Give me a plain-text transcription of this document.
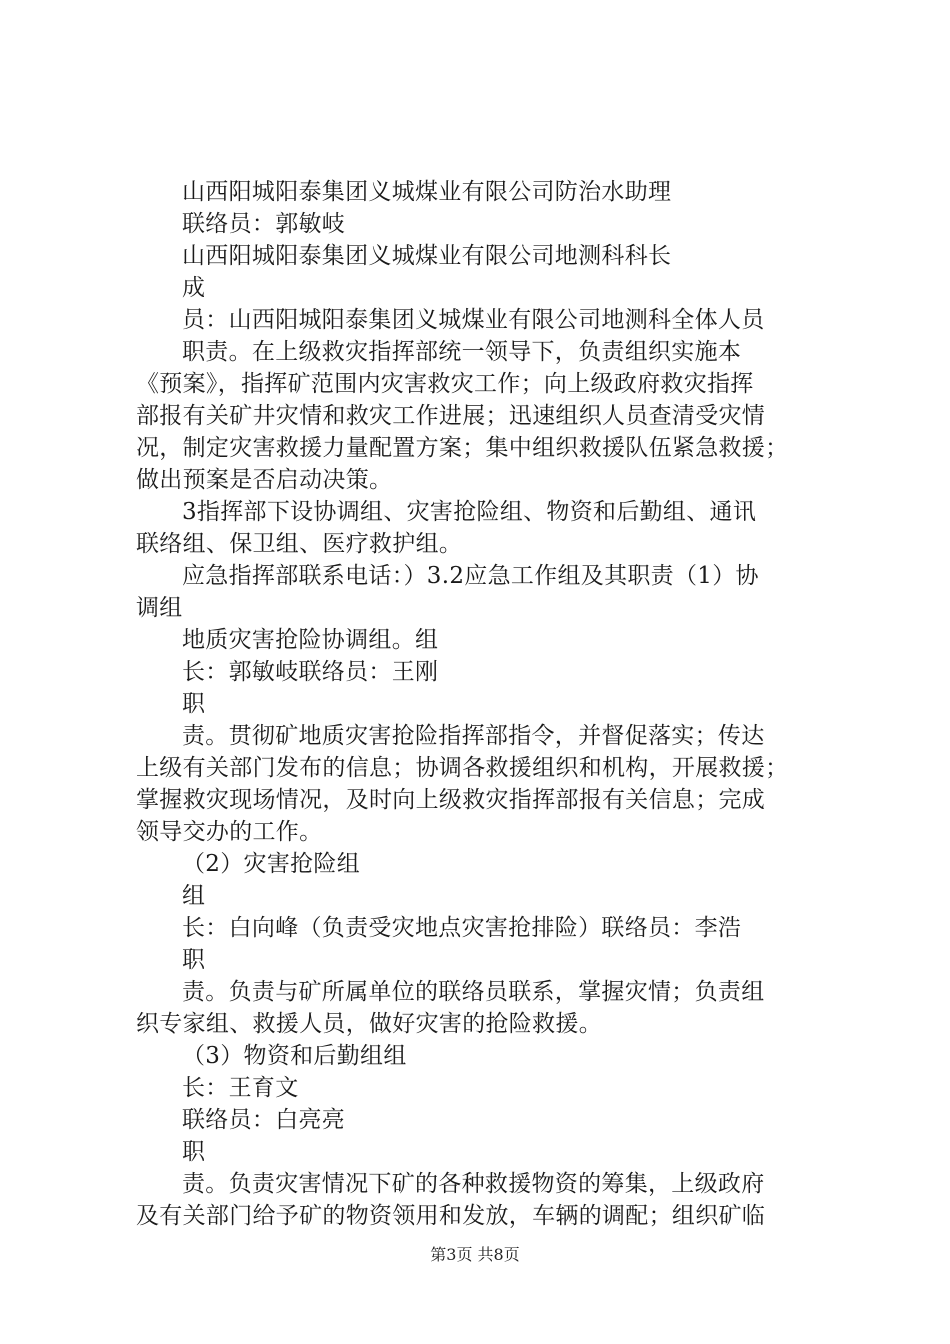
山西阳城阳泰集团义城煤业有限公司防治水助理
联络员：郭敏岐
山西阳城阳泰集团义城煤业有限公司地测科科长
成
员：山西阳城阳泰集团义城煤业有限公司地测科全体人员
职责。在上级救灾指挥部统一领导下，负责组织实施本
《预案》，指挥矿范围内灾害救灾工作；向上级政府救灾指挥
部报有关矿井灾情和救灾工作进展；迅速组织人员查清受灾情
况，制定灾害救援力量配置方案；集中组织救援队伍紧急救援；
做出预案是否启动决策。
3指挥部下设协调组、灾害抢险组、物资和后勤组、通讯
联络组、保卫组、医疗救护组。
应急指挥部联系电话：）3.2应急工作组及其职责（1）协
调组
地质灾害抢险协调组。组
长：郭敏岐联络员：王刚
职
责。贯彻矿地质灾害抢险指挥部指令，并督促落实；传达
上级有关部门发布的信息；协调各救援组织和机构，开展救援；
掌握救灾现场情况，及时向上级救灾指挥部报有关信息；完成
领导交办的工作。
（2）灾害抢险组
组
长：白向峰（负责受灾地点灾害抢排险）联络员：李浩
职
责。负责与矿所属单位的联络员联系，掌握灾情；负责组
织专家组、救援人员，做好灾害的抢险救援。
（3）物资和后勤组组
长：王育文
联络员：白亮亮
职
责。负责灾害情况下矿的各种救援物资的筹集，上级政府
及有关部门给予矿的物资领用和发放，车辆的调配；组织矿临
第3页 共8页
